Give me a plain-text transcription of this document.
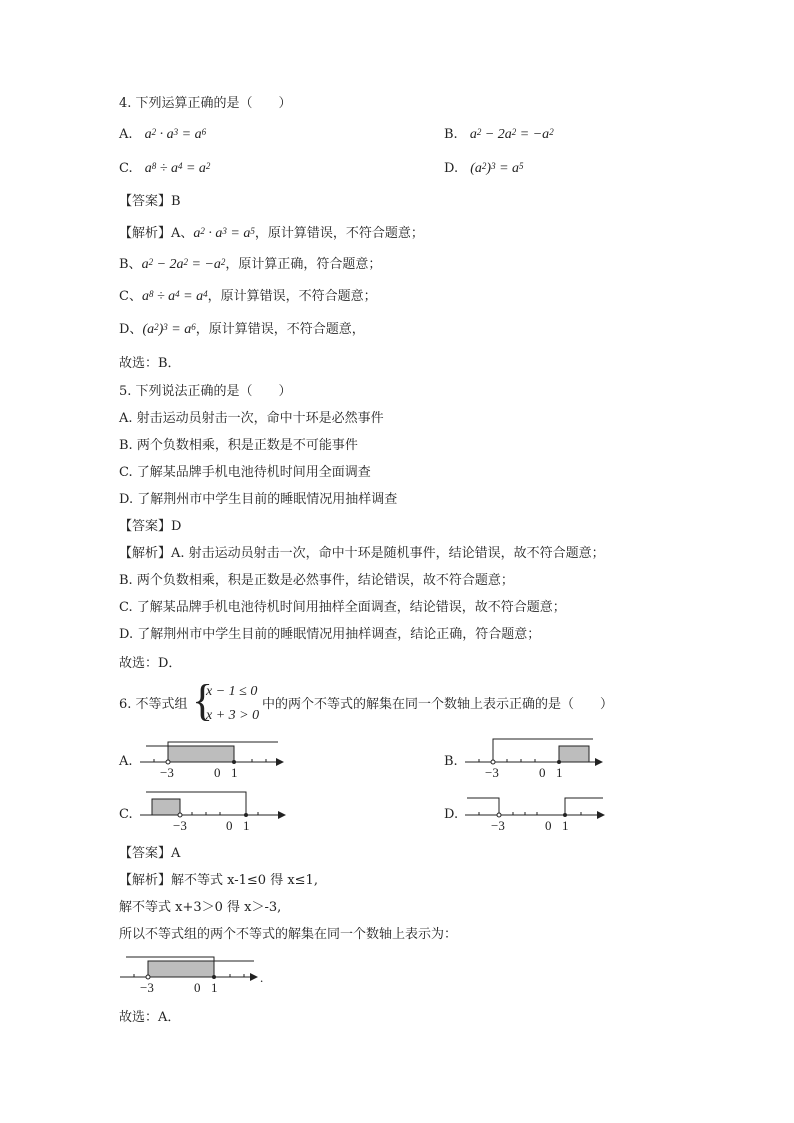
4. 下列运算正确的是（　　）
A. $a^2 \cdot a^3 = a^6$	B. $a^2 - 2a^2 = -a^2$
C. $a^8 \div a^4 = a^2$	D. $(a^2)^3 = a^5$
【答案】B
【解析】A、$a^2 \cdot a^3 = a^5$，原计算错误，不符合题意；
B、$a^2 - 2a^2 = -a^2$，原计算正确，符合题意；
C、$a^8 \div a^4 = a^4$，原计算错误，不符合题意；
D、$(a^2)^3 = a^6$，原计算错误，不符合题意，
故选：B．
5. 下列说法正确的是（　　）
A. 射击运动员射击一次，命中十环是必然事件
B. 两个负数相乘，积是正数是不可能事件
C. 了解某品牌手机电池待机时间用全面调查
D. 了解荆州市中学生目前的睡眠情况用抽样调查
【答案】D
【解析】A. 射击运动员射击一次，命中十环是随机事件，结论错误，故不符合题意；
B. 两个负数相乘，积是正数是必然事件，结论错误，故不符合题意；
C. 了解某品牌手机电池待机时间用抽样全面调查，结论错误，故不符合题意；
D. 了解荆州市中学生目前的睡眠情况用抽样调查，结论正确，符合题意；
故选：D．
6. 不等式组 {
x − 1 ≤ 0
x + 3 > 0
中的两个不等式的解集在同一个数轴上表示正确的是（　　）
A.
−3	0 1
B.
−3	0 1
C.
−3	0 1
D.
−3	0 1
【答案】A
【解析】解不等式 x-1≤0 得 x≤1,
解不等式 x+3＞0 得 x＞-3,
所以不等式组的两个不等式的解集在同一个数轴上表示为：
−3	0 1
.
故选：A．
